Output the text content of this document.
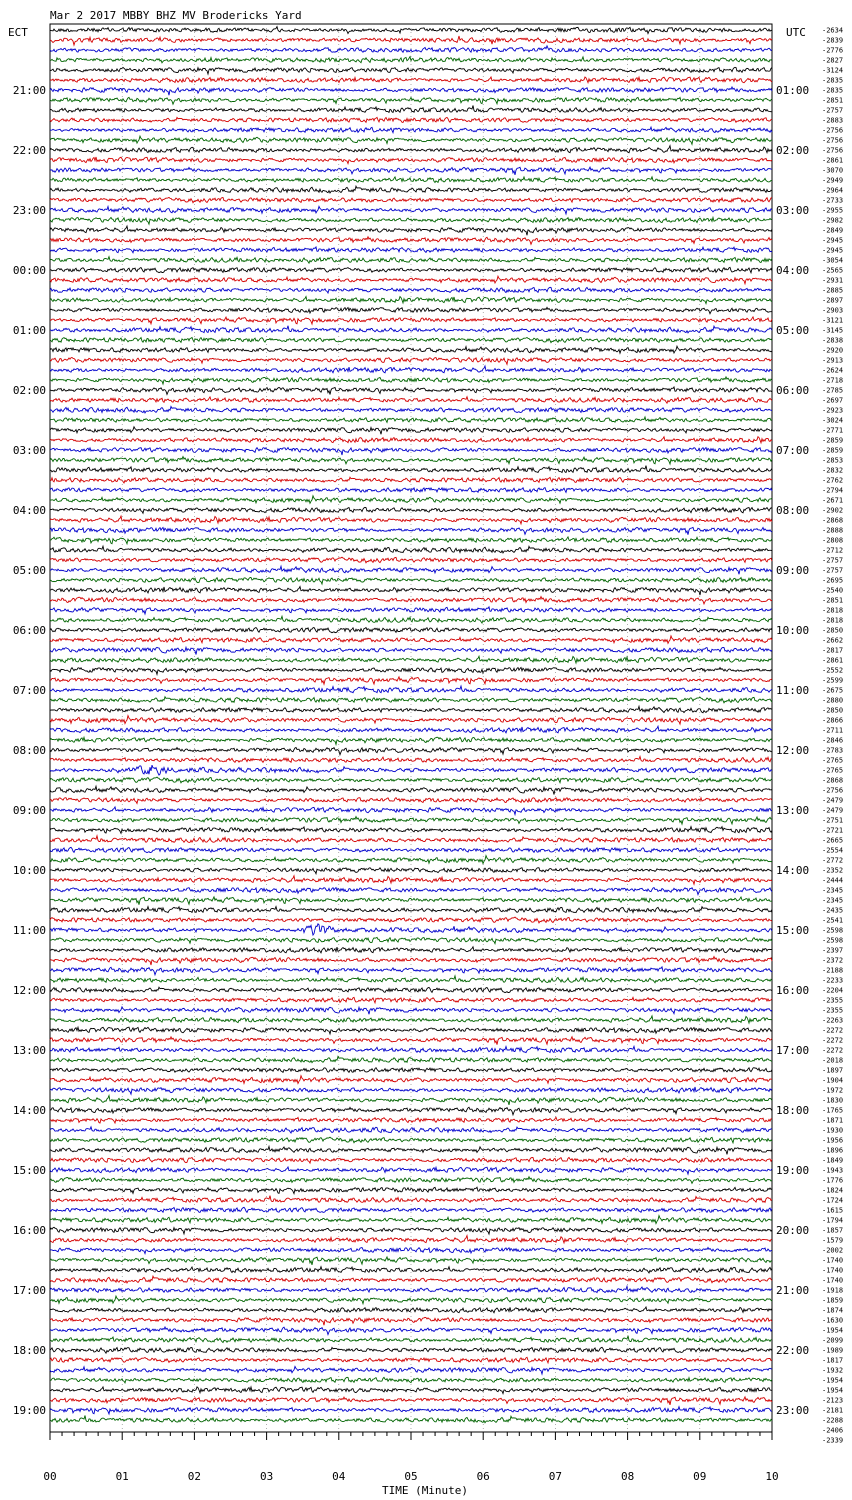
Mar 2 2017 MBBY BHZ MV Brodericks Yard
ECT	UTC
21:00
22:00
23:00
00:00
01:00
02:00
03:00
04:00
05:00
06:00
07:00
08:00
09:00
10:00
11:00
12:00
13:00
14:00
15:00
16:00
17:00
18:00
19:00
01:00
02:00
03:00
04:00
05:00
06:00
07:00
08:00
09:00
10:00
11:00
12:00
13:00
14:00
15:00
16:00
17:00
18:00
19:00
20:00
21:00
22:00
23:00
-2634
-2839
-2776
-2827
-3124
-2835
-2835
-2851
-2757
-2883
-2756
-2756
-2756
-2861
-3070
-2949
-2964
-2733
-2955
-2982
-2849
-2945
-2945
-3054
-2565
-2931
-2885
-2897
-2903
-3121
-3145
-2838
-2920
-2913
-2624
-2718
-2785
-2697
-2923
-3024
-2771
-2859
-2859
-2853
-2832
-2762
-2794
-2671
-2902
-2868
-2888
-2808
-2712
-2757
-2757
-2695
-2540
-2851
-2818
-2818
-2850
-2662
-2817
-2861
-2552
-2599
-2675
-2880
-2850
-2866
-2711
-2846
-2783
-2765
-2765
-2868
-2756
-2479
-2479
-2751
-2721
-2665
-2554
-2772
-2352
-2444
-2345
-2345
-2435
-2541
-2598
-2598
-2397
-2372
-2188
-2233
-2204
-2355
-2355
-2263
-2272
-2272
-2272
-2018
-1897
-1904
-1972
-1830
-1765
-1871
-1930
-1956
-1896
-1849
-1943
-1776
-1824
-1724
-1615
-1794
-1857
-1579
-2002
-1740
-1740
-1740
-1918
-1859
-1874
-1630
-1954
-2099
-1989
-1817
-1932
-1954
-1954
-2123
-2181
-2288
-2406
-2339
00	01	02	03	04	05	06	07	08	09	10
TIME (Minute)
